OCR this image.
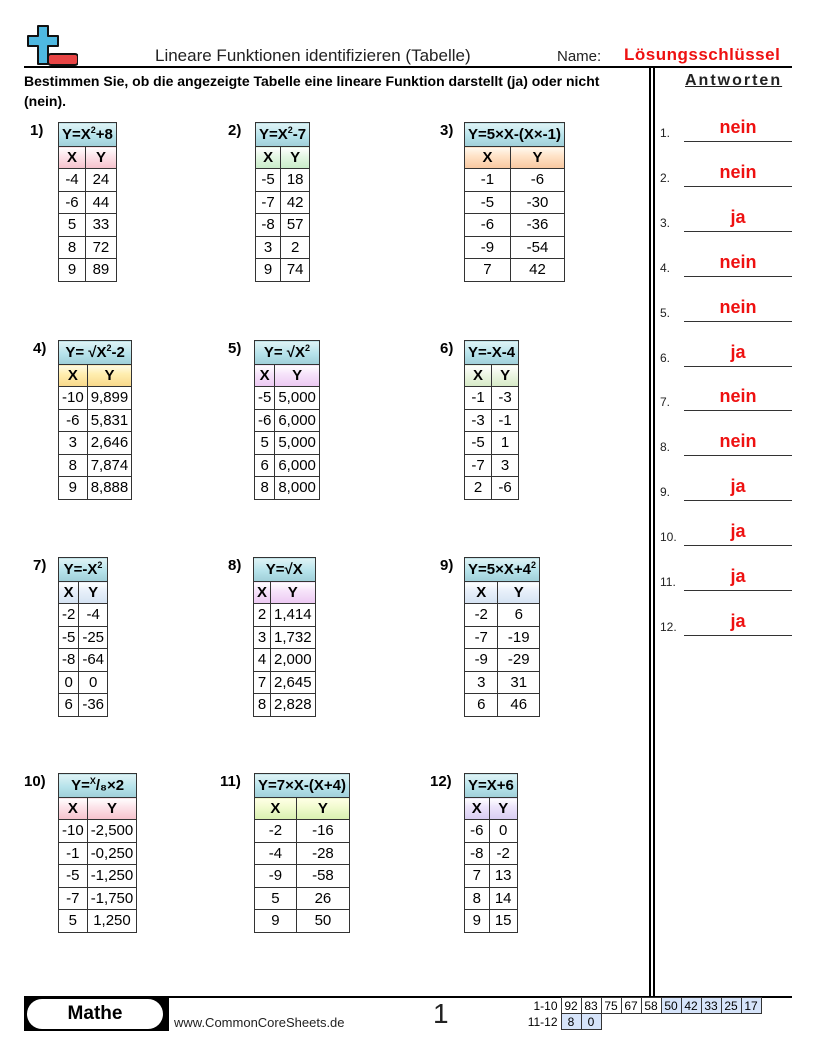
Lineare Funktionen identifizieren (Tabelle)	Name: Lösungsschlüssel
Bestimmen Sie, ob die angezeigte Tabelle eine lineare Funktion darstellt (ja) oder nicht (nein).
Antworten
1.	nein
2.	nein
3.	ja
4.	nein
5.	nein
6.	ja
7.	nein
8.	nein
9.	ja
10.	ja
11.	ja
12.	ja
1) $Y=X^2+8$	
X	Y
-4	24
-6	44
5	33
8	72
9	89
2) $Y=X^2-7$	
X	Y
-5	18
-7	42
-8	57
3	2
9	74
3) Y=5×X-(X×-1)	
X	Y
-1	-6
-5	-30
-6	-36
-9	-54
7	42
4) $Y= √X^2-2$	
X	Y
-10	9,899
-6	5,831
3	2,646
8	7,874
9	8,888
5) $Y= √X^2$
X	Y
-5	5,000
-6	6,000
5	5,000
6	6,000
8	8,000
6) Y=-X-4	
X	Y
-1	-3
-3	-1
-5	1
-7	3
2	-6
7) $Y=-X^2$
X	Y
-2	-4
-5	-25
-8	-64
0	0
6	-36
8) Y=√X	
X	Y
2	1,414
3	1,732
4	2,000
7	2,645
8	2,828
9) $Y=5\times X+4^2$
X	Y
-2	6
-7	-19
-9	-29
3	31
6	46
10) Y=$^X$/₈×2	
X	Y
-10	-2,500
-1	-0,250
-5	-1,250
-7	-1,750
5	1,250
11) Y=7×X-(X+4)	
X	Y
-2	-16
-4	-28
-9	-58
5	26
9	50
12) Y=X+6	
X	Y
-6	0
-8	-2
7	13
8	14
9	15
Mathe	www.CommonCoreSheets.de	1	1-10	92	83	75	67	58	50	42	33	25	17
11-12	8	0								
